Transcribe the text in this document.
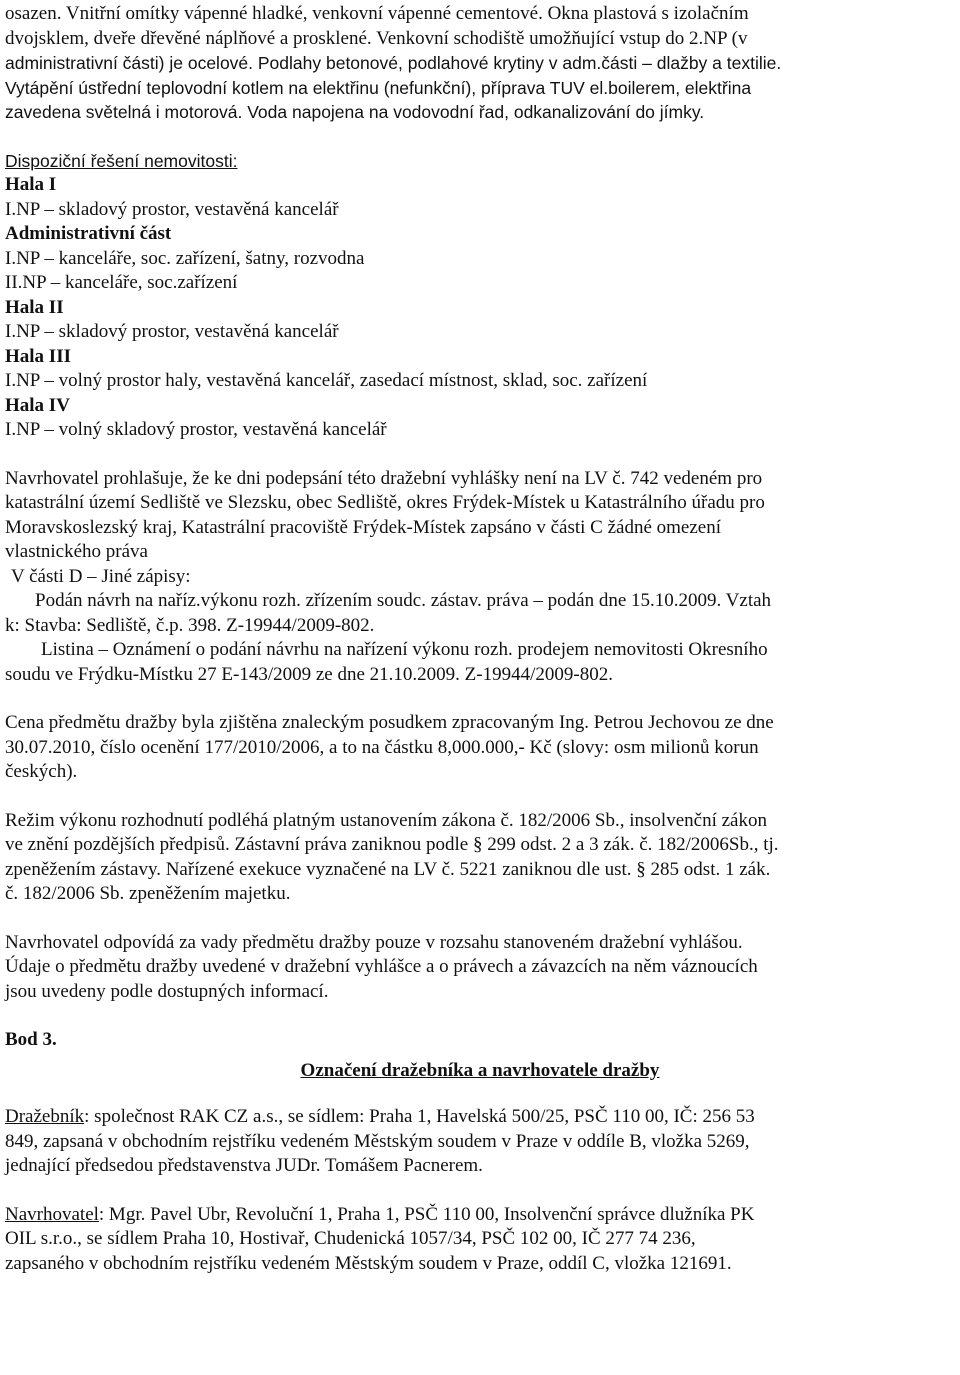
osazen. Vnitřní omítky vápenné hladké, venkovní vápenné cementové. Okna plastová s izolačním

dvojsklem, dveře dřevěné náplňové a prosklené. Venkovní schodiště umožňující vstup do 2.NP (v

administrativní části) je ocelové. Podlahy betonové, podlahové krytiny v adm.části – dlažby a textilie.

Vytápění ústřední teplovodní kotlem na elektřinu (nefunkční), příprava TUV el.boilerem, elektřina

zavedena světelná i motorová. Voda napojena na vodovodní řad, odkanalizování do jímky.

Dispoziční řešení nemovitosti:

Hala I

I.NP – skladový prostor, vestavěná kancelář

Administrativní část

I.NP – kanceláře, soc. zařízení, šatny, rozvodna

II.NP – kanceláře, soc.zařízení

Hala II

I.NP – skladový prostor, vestavěná kancelář

Hala III

I.NP – volný prostor haly, vestavěná kancelář, zasedací místnost, sklad, soc. zařízení

Hala IV

I.NP – volný skladový prostor, vestavěná kancelář

Navrhovatel prohlašuje, že ke dni podepsání této dražební vyhlášky není na LV č. 742 vedeném pro

katastrální území Sedliště ve Slezsku, obec Sedliště, okres Frýdek-Místek u Katastrálního úřadu pro

Moravskoslezský kraj, Katastrální pracoviště Frýdek-Místek zapsáno v části C žádné omezení

vlastnického práva

V části D – Jiné zápisy:

Podán návrh na naříz.výkonu rozh. zřízením soudc. zástav. práva – podán dne 15.10.2009. Vztah

k: Stavba: Sedliště, č.p. 398. Z-19944/2009-802.

Listina – Oznámení o podání návrhu na nařízení výkonu rozh. prodejem nemovitosti Okresního

soudu ve Frýdku-Místku 27 E-143/2009 ze dne 21.10.2009. Z-19944/2009-802.

Cena předmětu dražby byla zjištěna znaleckým posudkem zpracovaným Ing. Petrou Jechovou ze dne

30.07.2010, číslo ocenění 177/2010/2006, a to na částku 8,000.000,- Kč (slovy: osm milionů korun

českých).

Režim výkonu rozhodnutí podléhá platným ustanovením zákona č. 182/2006 Sb., insolvenční zákon

ve znění pozdějších předpisů. Zástavní práva zaniknou podle § 299 odst. 2 a 3 zák. č. 182/2006Sb., tj.

zpeněžením zástavy. Nařízené exekuce vyznačené na LV č. 5221 zaniknou dle ust. § 285 odst. 1 zák.

č. 182/2006 Sb. zpeněžením majetku.

Navrhovatel odpovídá za vady předmětu dražby pouze v rozsahu stanoveném dražební vyhlášou.

Údaje o předmětu dražby uvedené v dražební vyhlášce a o právech a závazcích na něm váznoucích

jsou uvedeny podle dostupných informací.

Bod 3.

Označení dražebníka a navrhovatele dražby

Dražebník: společnost RAK CZ a.s., se sídlem: Praha 1, Havelská 500/25, PSČ 110 00, IČ: 256 53

849, zapsaná v obchodním rejstříku vedeném Městským soudem v Praze v oddíle B, vložka 5269,

jednající předsedou představenstva JUDr. Tomášem Pacnerem.

Navrhovatel: Mgr. Pavel Ubr, Revoluční 1, Praha 1, PSČ 110 00, Insolvenční správce dlužníka PK

OIL s.r.o., se sídlem Praha 10, Hostivař, Chudenická 1057/34, PSČ 102 00, IČ 277 74 236,

zapsaného v obchodním rejstříku vedeném Městským soudem v Praze, oddíl C, vložka 121691.
